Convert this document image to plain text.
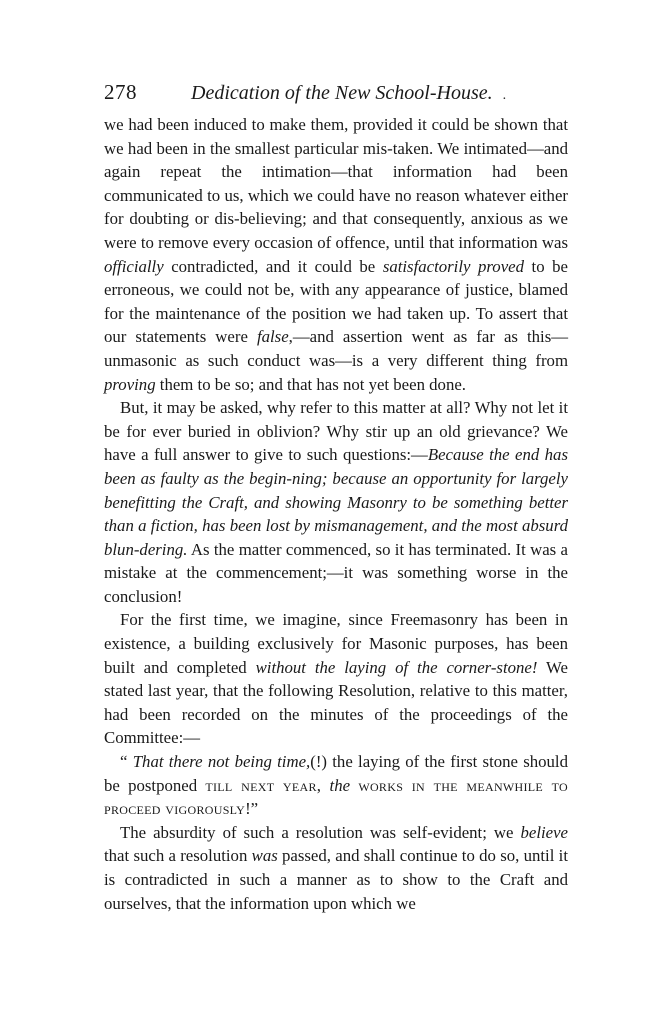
278	Dedication of the New School-House. .

we had been induced to make them, provided it could be shown that we had been in the smallest particular mis-taken. We intimated—and again repeat the intimation—that information had been communicated to us, which we could have no reason whatever either for doubting or dis-believing; and that consequently, anxious as we were to remove every occasion of offence, until that information was officially contradicted, and it could be satisfactorily proved to be erroneous, we could not be, with any appearance of justice, blamed for the maintenance of the position we had taken up. To assert that our statements were false,—and assertion went as far as this—unmasonic as such conduct was—is a very different thing from proving them to be so; and that has not yet been done.

But, it may be asked, why refer to this matter at all? Why not let it be for ever buried in oblivion? Why stir up an old grievance? We have a full answer to give to such questions:—Because the end has been as faulty as the begin-ning; because an opportunity for largely benefitting the Craft, and showing Masonry to be something better than a fiction, has been lost by mismanagement, and the most absurd blun-dering. As the matter commenced, so it has terminated. It was a mistake at the commencement;—it was something worse in the conclusion!

For the first time, we imagine, since Freemasonry has been in existence, a building exclusively for Masonic purposes, has been built and completed without the laying of the corner-stone! We stated last year, that the following Resolution, relative to this matter, had been recorded on the minutes of the proceedings of the Committee:—

“ That there not being time,(!) the laying of the first stone should be postponed till next year, the works in the meanwhile to proceed vigorously!”

The absurdity of such a resolution was self-evident; we believe that such a resolution was passed, and shall continue to do so, until it is contradicted in such a manner as to show to the Craft and ourselves, that the information upon which we
